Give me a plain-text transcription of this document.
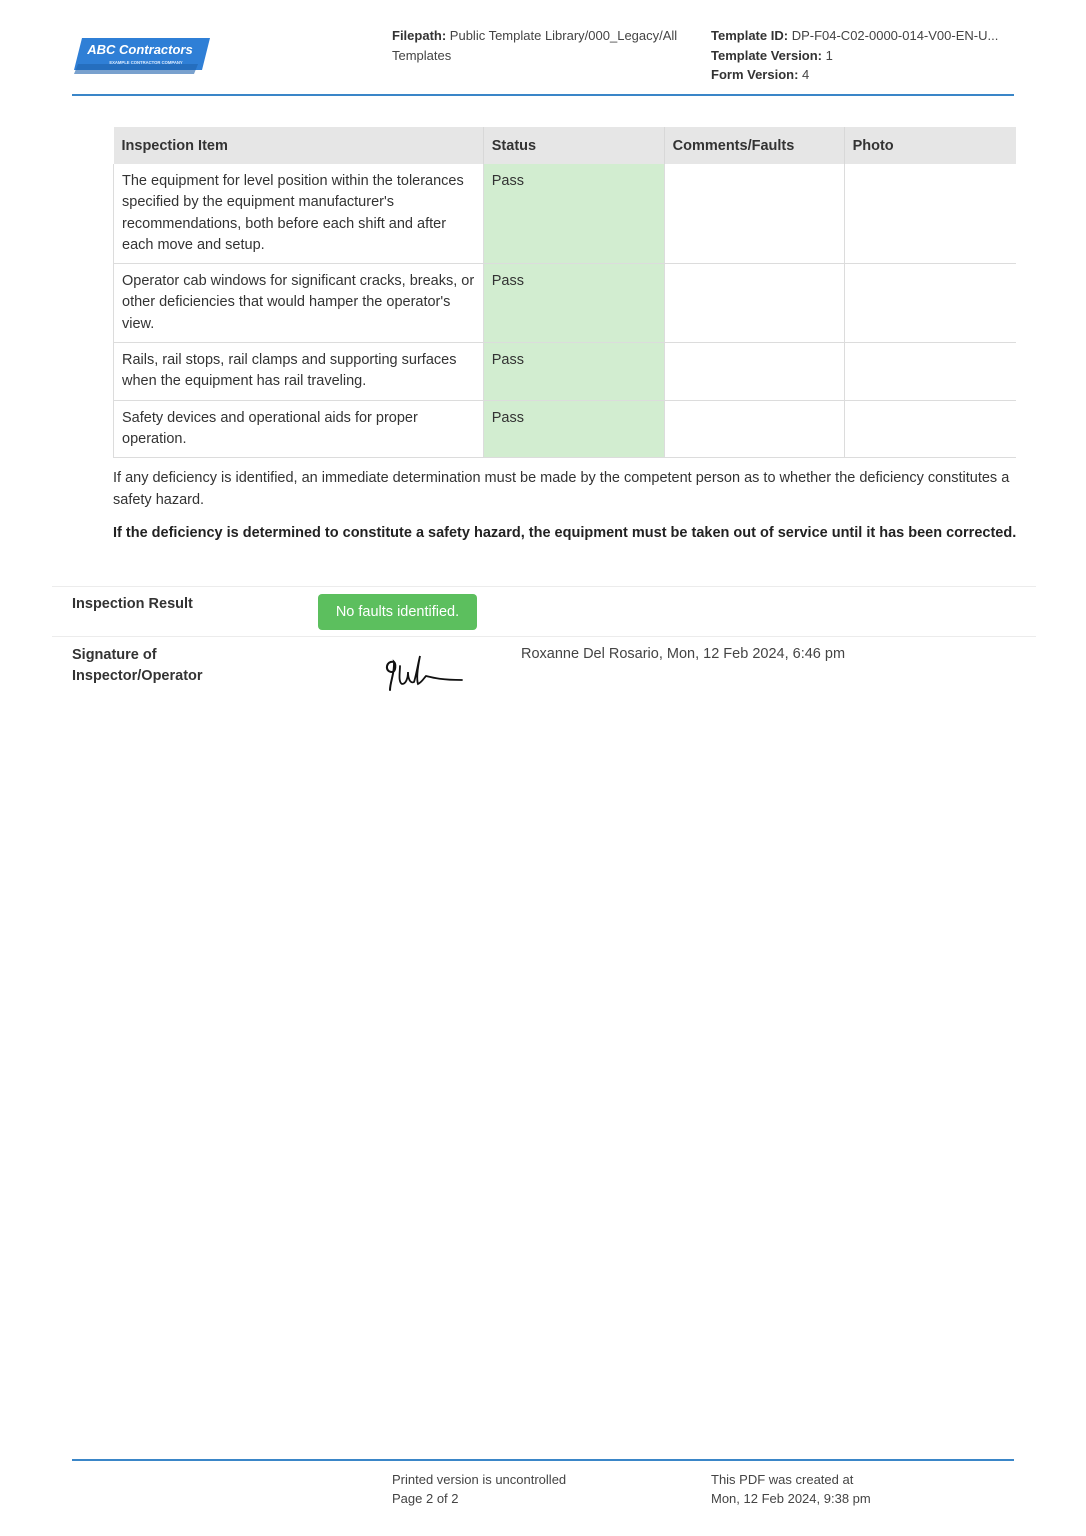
ABC Contractors
EXAMPLE CONTRACTOR COMPANY
Filepath: Public Template Library/000_Legacy/All Templates
Template ID: DP-F04-C02-0000-014-V00-EN-U...
Template Version: 1
Form Version: 4
Inspection Item	Status	Comments/Faults	Photo
The equipment for level position within the tolerances specified by the equipment manufacturer's recommendations, both before each shift and after each move and setup.	Pass		
Operator cab windows for significant cracks, breaks, or other deficiencies that would hamper the operator's view.	Pass		
Rails, rail stops, rail clamps and supporting surfaces when the equipment has rail traveling.	Pass		
Safety devices and operational aids for proper operation.	Pass		
If any deficiency is identified, an immediate determination must be made by the competent person as to whether the deficiency constitutes a safety hazard.
If the deficiency is determined to constitute a safety hazard, the equipment must be taken out of service until it has been corrected.
Inspection Result	No faults identified.
Signature of
Inspector/Operator
Roxanne Del Rosario, Mon, 12 Feb 2024, 6:46 pm
Printed version is uncontrolled
Page 2 of 2
This PDF was created at
Mon, 12 Feb 2024, 9:38 pm
